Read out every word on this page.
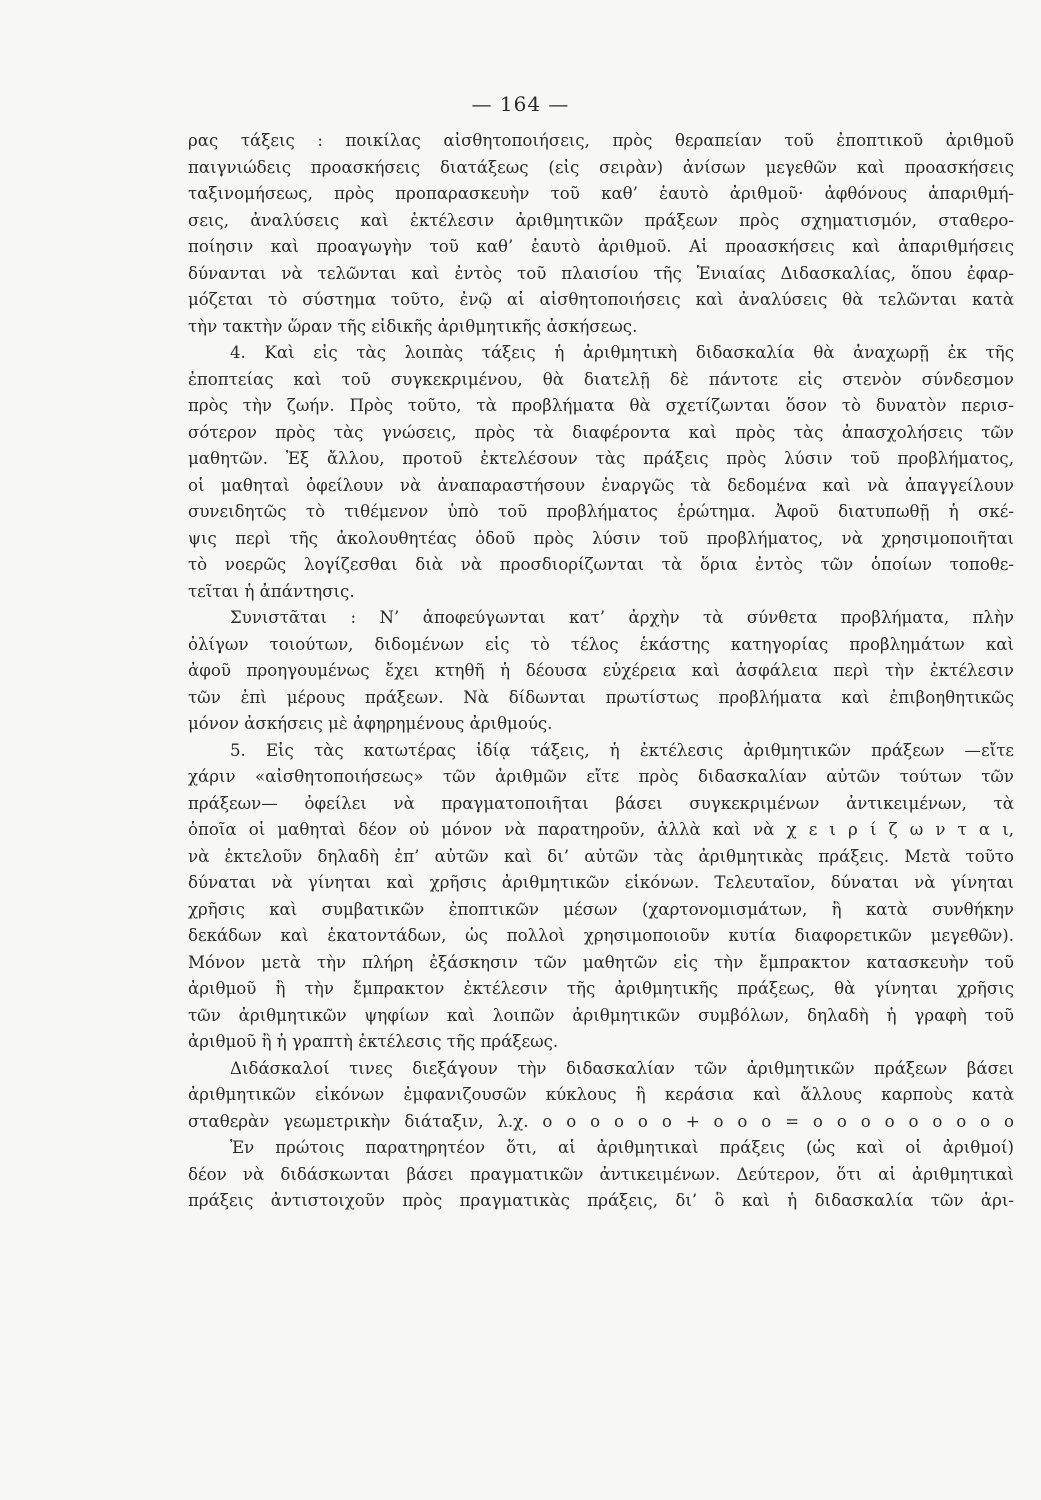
— 164 —
ρας τάξεις : ποικίλας αἰσθητοποιήσεις, πρὸς θεραπείαν τοῦ ἐποπτικοῦ ἀριθμοῦ
παιγνιώδεις προασκήσεις διατάξεως (εἰς σειρὰν) ἀνίσων μεγεθῶν καὶ προασκήσεις
ταξινομήσεως, πρὸς προπαρασκευὴν τοῦ καθ’ ἑαυτὸ ἀριθμοῦ· ἀφθόνους ἀπαριθμή-
σεις, ἀναλύσεις καὶ ἐκτέλεσιν ἀριθμητικῶν πράξεων πρὸς σχηματισμόν, σταθερο-
ποίησιν καὶ προαγωγὴν τοῦ καθ’ ἑαυτὸ ἀριθμοῦ. Αἱ προασκήσεις καὶ ἀπαριθμήσεις
δύνανται νὰ τελῶνται καὶ ἐντὸς τοῦ πλαισίου τῆς Ἑνιαίας Διδασκαλίας, ὅπου ἐφαρ-
μόζεται τὸ σύστημα τοῦτο, ἐνῷ αἱ αἰσθητοποιήσεις καὶ ἀναλύσεις θὰ τελῶνται κατὰ
τὴν τακτὴν ὥραν τῆς εἰδικῆς ἀριθμητικῆς ἀσκήσεως.
4. Καὶ εἰς τὰς λοιπὰς τάξεις ἡ ἀριθμητικὴ διδασκαλία θὰ ἀναχωρῇ ἐκ τῆς
ἐποπτείας καὶ τοῦ συγκεκριμένου, θὰ διατελῇ δὲ πάντοτε εἰς στενὸν σύνδεσμον
πρὸς τὴν ζωήν. Πρὸς τοῦτο, τὰ προβλήματα θὰ σχετίζωνται ὅσον τὸ δυνατὸν περισ-
σότερον πρὸς τὰς γνώσεις, πρὸς τὰ διαφέροντα καὶ πρὸς τὰς ἀπασχολήσεις τῶν
μαθητῶν. Ἐξ ἄλλου, προτοῦ ἐκτελέσουν τὰς πράξεις πρὸς λύσιν τοῦ προβλήματος,
οἱ μαθηταὶ ὀφείλουν νὰ ἀναπαραστήσουν ἐναργῶς τὰ δεδομένα καὶ νὰ ἀπαγγείλουν
συνειδητῶς τὸ τιθέμενον ὑπὸ τοῦ προβλήματος ἐρώτημα. Ἀφοῦ διατυπωθῇ ἡ σκέ-
ψις περὶ τῆς ἀκολουθητέας ὁδοῦ πρὸς λύσιν τοῦ προβλήματος, νὰ χρησιμοποιῆται
τὸ νοερῶς λογίζεσθαι διὰ νὰ προσδιορίζωνται τὰ ὅρια ἐντὸς τῶν ὁποίων τοποθε-
τεῖται ἡ ἀπάντησις.
Συνιστᾶται : Ν’ ἀποφεύγωνται κατ’ ἀρχὴν τὰ σύνθετα προβλήματα, πλὴν
ὀλίγων τοιούτων, διδομένων εἰς τὸ τέλος ἑκάστης κατηγορίας προβλημάτων καὶ
ἀφοῦ προηγουμένως ἔχει κτηθῆ ἡ δέουσα εὐχέρεια καὶ ἀσφάλεια περὶ τὴν ἐκτέλεσιν
τῶν ἐπὶ μέρους πράξεων. Νὰ δίδωνται πρωτίστως προβλήματα καὶ ἐπιβοηθητικῶς
μόνον ἀσκήσεις μὲ ἀφηρημένους ἀριθμούς.
5. Εἰς τὰς κατωτέρας ἰδίᾳ τάξεις, ἡ ἐκτέλεσις ἀριθμητικῶν πράξεων —εἴτε
χάριν «αἰσθητοποιήσεως» τῶν ἀριθμῶν εἴτε πρὸς διδασκαλίαν αὐτῶν τούτων τῶν
πράξεων— ὀφείλει νὰ πραγματοποιῆται βάσει συγκεκριμένων ἀντικειμένων, τὰ
ὁποῖα οἱ μαθηταὶ δέον οὐ μόνον νὰ παρατηροῦν, ἀλλὰ καὶ νὰ χ ε ι ρ ί ζ ω ν τ α ι,
νὰ ἐκτελοῦν δηλαδὴ ἐπ’ αὐτῶν καὶ δι’ αὐτῶν τὰς ἀριθμητικὰς πράξεις. Μετὰ τοῦτο
δύναται νὰ γίνηται καὶ χρῆσις ἀριθμητικῶν εἰκόνων. Τελευταῖον, δύναται νὰ γίνηται
χρῆσις καὶ συμβατικῶν ἐποπτικῶν μέσων (χαρτονομισμάτων, ἢ κατὰ συνθήκην
δεκάδων καὶ ἑκατοντάδων, ὡς πολλοὶ χρησιμοποιοῦν κυτία διαφορετικῶν μεγεθῶν).
Μόνον μετὰ τὴν πλήρη ἐξάσκησιν τῶν μαθητῶν εἰς τὴν ἔμπρακτον κατασκευὴν τοῦ
ἀριθμοῦ ἢ τὴν ἔμπρακτον ἐκτέλεσιν τῆς ἀριθμητικῆς πράξεως, θὰ γίνηται χρῆσις
τῶν ἀριθμητικῶν ψηφίων καὶ λοιπῶν ἀριθμητικῶν συμβόλων, δηλαδὴ ἡ γραφὴ τοῦ
ἀριθμοῦ ἢ ἡ γραπτὴ ἐκτέλεσις τῆς πράξεως.
Διδάσκαλοί τινες διεξάγουν τὴν διδασκαλίαν τῶν ἀριθμητικῶν πράξεων βάσει
ἀριθμητικῶν εἰκόνων ἐμφανιζουσῶν κύκλους ἢ κεράσια καὶ ἄλλους καρποὺς κατὰ
σταθερὰν γεωμετρικὴν διάταξιν, λ.χ. ο ο ο ο ο ο + ο ο ο = ο ο ο ο ο ο ο ο ο
Ἐν πρώτοις παρατηρητέον ὅτι, αἱ ἀριθμητικαὶ πράξεις (ὡς καὶ οἱ ἀριθμοί)
δέον νὰ διδάσκωνται βάσει πραγματικῶν ἀντικειμένων. Δεύτερον, ὅτι αἱ ἀριθμητικαὶ
πράξεις ἀντιστοιχοῦν πρὸς πραγματικὰς πράξεις, δι’ ὃ καὶ ἡ διδασκαλία τῶν ἀρι-
